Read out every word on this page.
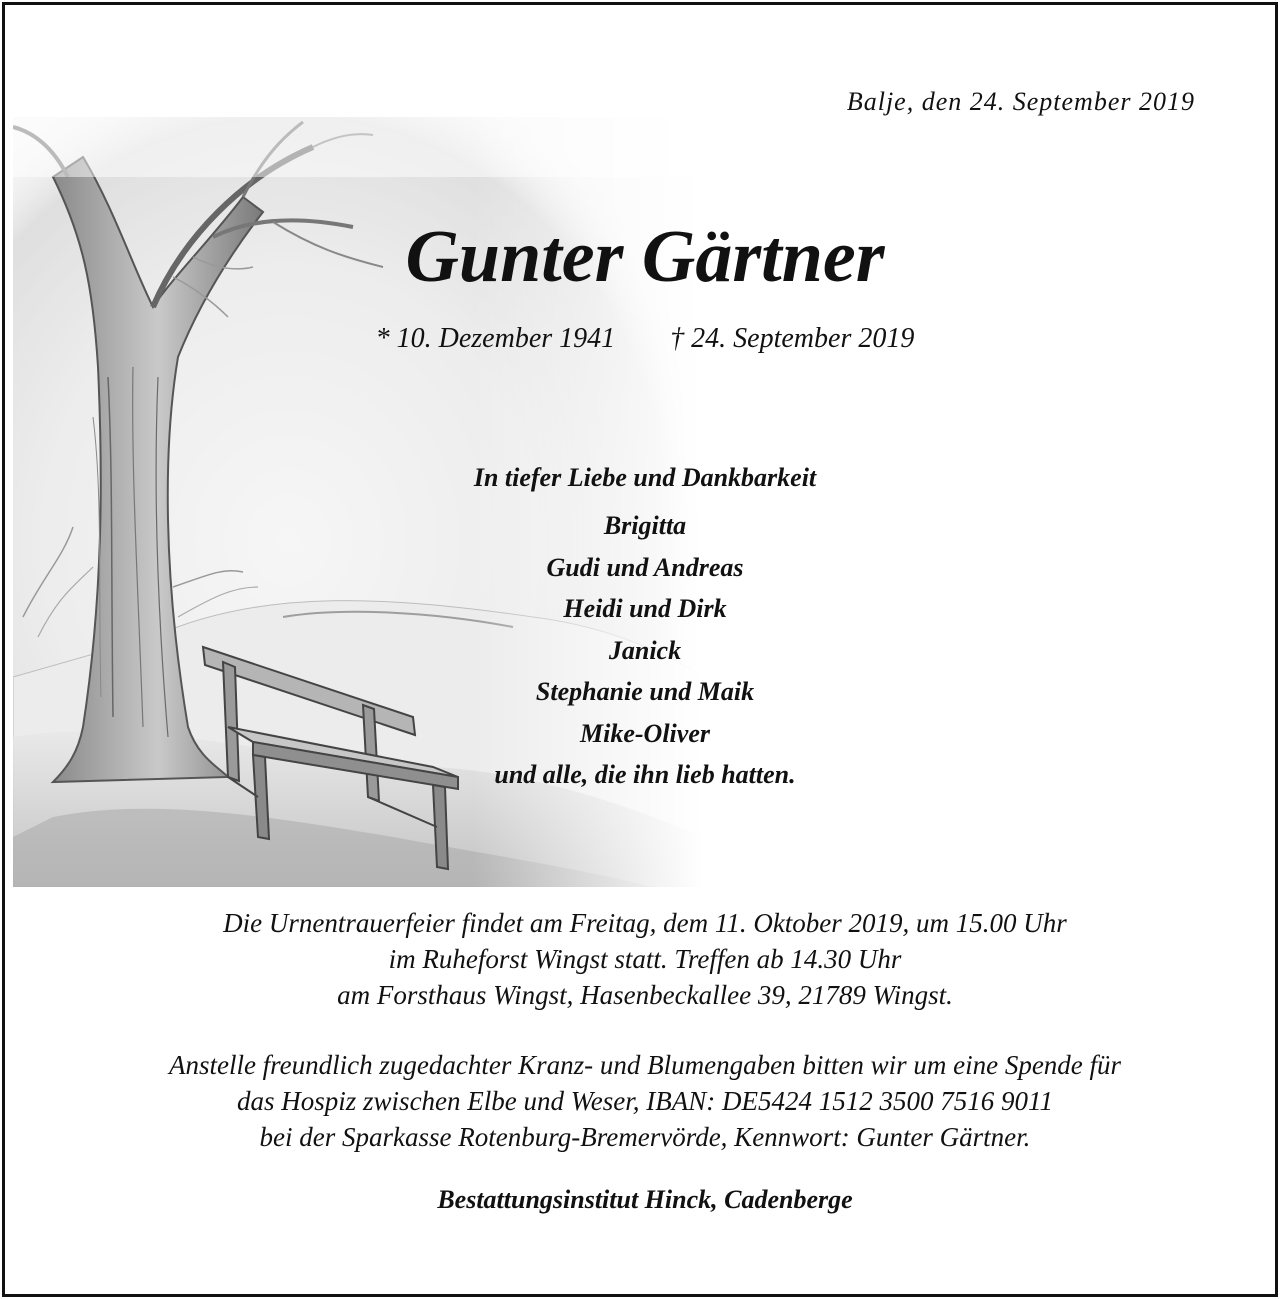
Balje, den 24. September 2019
Gunter Gärtner
* 10. Dezember 1941 † 24. September 2019
In tiefer Liebe und Dankbarkeit
Brigitta
Gudi und Andreas
Heidi und Dirk
Janick
Stephanie und Maik
Mike-Oliver
und alle, die ihn lieb hatten.
Die Urnentrauerfeier findet am Freitag, dem 11. Oktober 2019, um 15.00 Uhr
im Ruheforst Wingst statt. Treffen ab 14.30 Uhr
am Forsthaus Wingst, Hasenbeckallee 39, 21789 Wingst.
Anstelle freundlich zugedachter Kranz- und Blumengaben bitten wir um eine Spende für
das Hospiz zwischen Elbe und Weser, IBAN: DE5424 1512 3500 7516 9011
bei der Sparkasse Rotenburg-Bremervörde, Kennwort: Gunter Gärtner.
Bestattungsinstitut Hinck, Cadenberge
